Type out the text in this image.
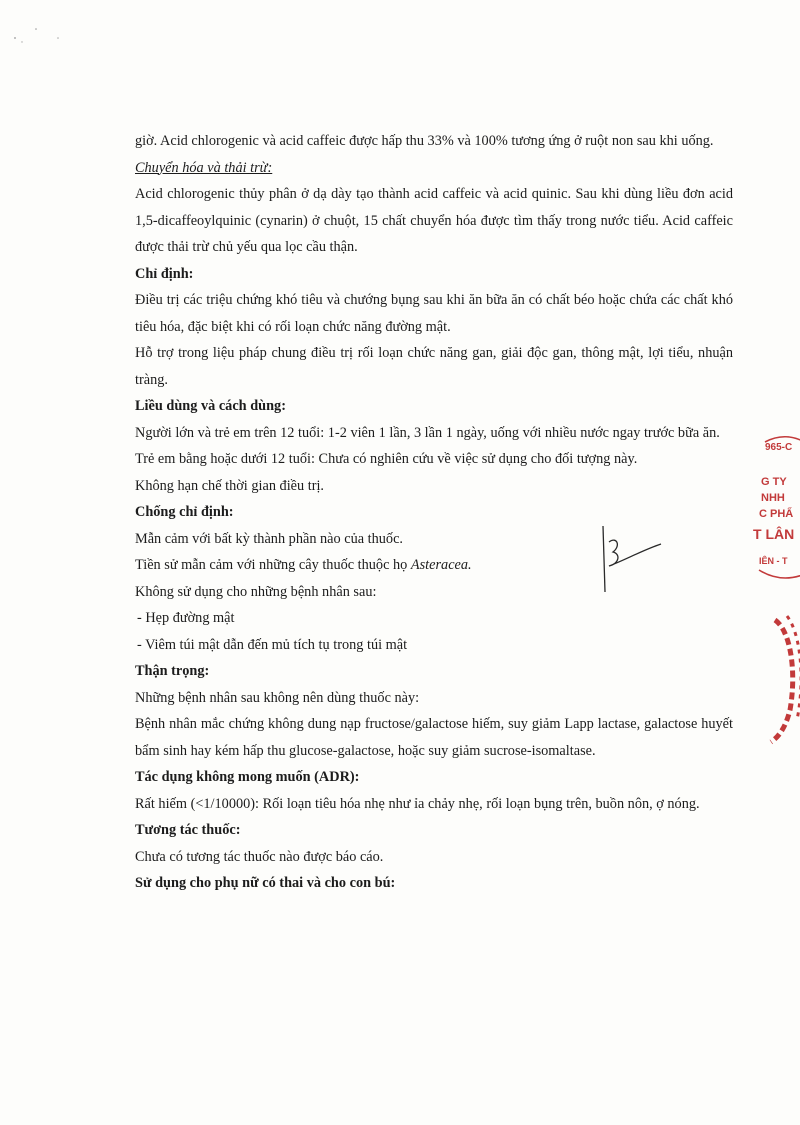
giờ. Acid chlorogenic và acid caffeic được hấp thu 33% và 100% tương ứng ở ruột non sau khi uống.

Chuyển hóa và thải trừ:

Acid chlorogenic thủy phân ở dạ dày tạo thành acid caffeic và acid quinic. Sau khi dùng liều đơn acid 1,5-dicaffeoylquinic (cynarin) ở chuột, 15 chất chuyển hóa được tìm thấy trong nước tiểu. Acid caffeic được thải trừ chủ yếu qua lọc cầu thận.

Chỉ định:

Điều trị các triệu chứng khó tiêu và chướng bụng sau khi ăn bữa ăn có chất béo hoặc chứa các chất khó tiêu hóa, đặc biệt khi có rối loạn chức năng đường mật.

Hỗ trợ trong liệu pháp chung điều trị rối loạn chức năng gan, giải độc gan, thông mật, lợi tiểu, nhuận tràng.

Liều dùng và cách dùng:

Người lớn và trẻ em trên 12 tuổi: 1-2 viên 1 lần, 3 lần 1 ngày, uống với nhiều nước ngay trước bữa ăn.

Trẻ em bằng hoặc dưới 12 tuổi: Chưa có nghiên cứu về việc sử dụng cho đối tượng này.

Không hạn chế thời gian điều trị.

Chống chỉ định:

Mẫn cảm với bất kỳ thành phần nào của thuốc.

Tiền sử mẫn cảm với những cây thuốc thuộc họ Asteracea.

Không sử dụng cho những bệnh nhân sau:

- Hẹp đường mật

- Viêm túi mật dẫn đến mủ tích tụ trong túi mật

Thận trọng:

Những bệnh nhân sau không nên dùng thuốc này:

Bệnh nhân mắc chứng không dung nạp fructose/galactose hiếm, suy giảm Lapp lactase, galactose huyết bẩm sinh hay kém hấp thu glucose-galactose, hoặc suy giảm sucrose-isomaltase.

Tác dụng không mong muốn (ADR):

Rất hiếm (<1/10000): Rối loạn tiêu hóa nhẹ như ỉa chảy nhẹ, rối loạn bụng trên, buồn nôn, ợ nóng.

Tương tác thuốc:

Chưa có tương tác thuốc nào được báo cáo.

Sử dụng cho phụ nữ có thai và cho con bú:

965-C
G TY
NHH
C PHẨ
T LÂN
IÊN - T
